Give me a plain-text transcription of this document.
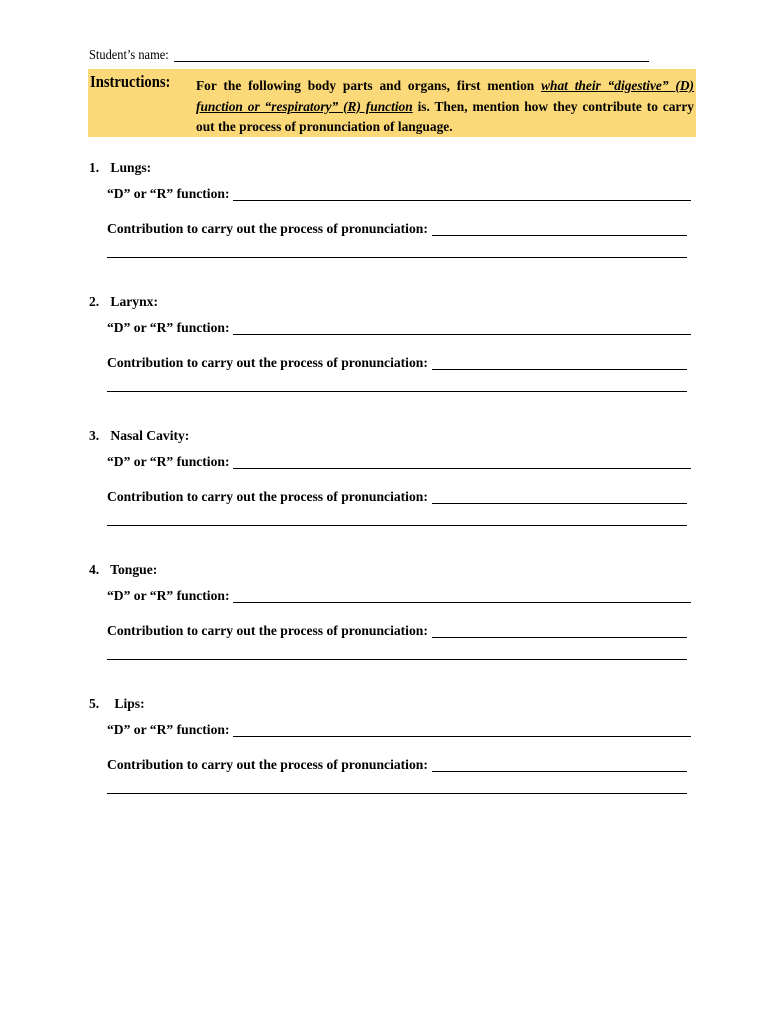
Student’s name:
Instructions: For the following body parts and organs, first mention what their “digestive” (D) function or “respiratory” (R) function is. Then, mention how they contribute to carry out the process of pronunciation of language.
1. Lungs:
“D” or “R” function:
Contribution to carry out the process of pronunciation:
2. Larynx:
“D” or “R” function:
Contribution to carry out the process of pronunciation:
3. Nasal Cavity:
“D” or “R” function:
Contribution to carry out the process of pronunciation:
4. Tongue:
“D” or “R” function:
Contribution to carry out the process of pronunciation:
5. Lips:
“D” or “R” function:
Contribution to carry out the process of pronunciation:
